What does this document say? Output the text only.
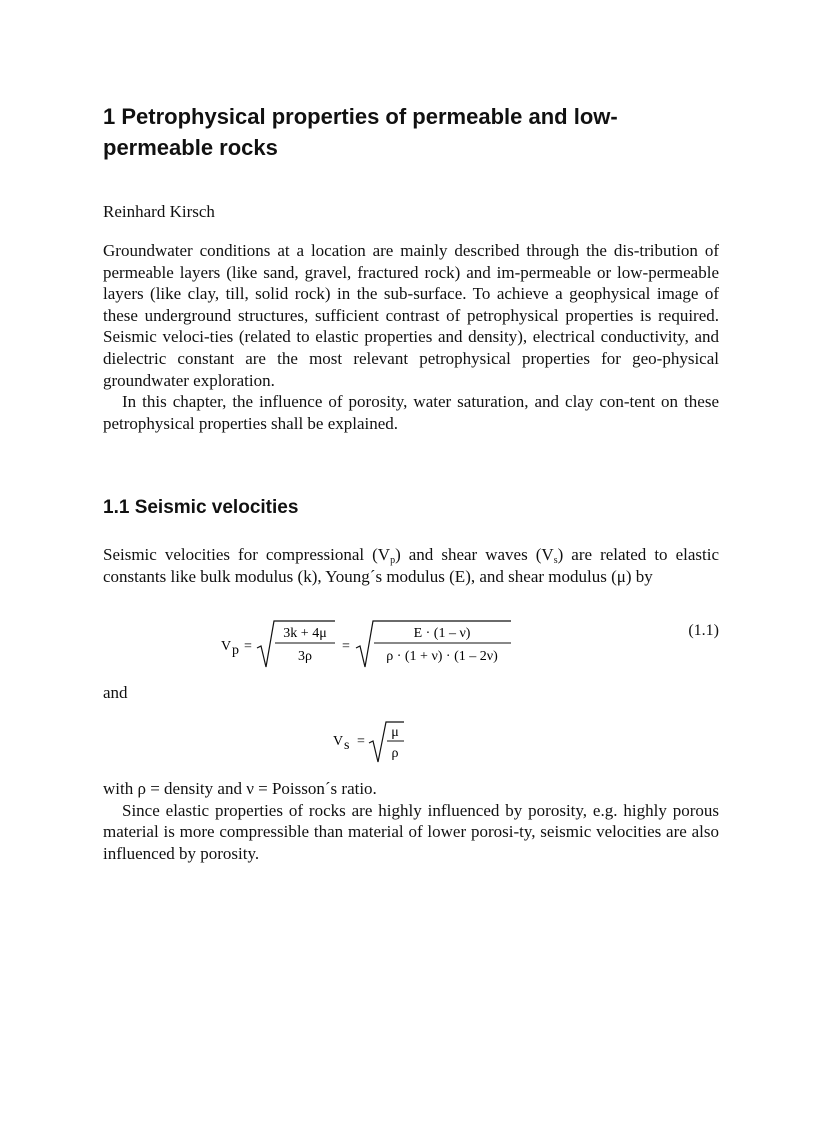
1 Petrophysical properties of permeable and low-permeable rocks
Reinhard Kirsch

Groundwater conditions at a location are mainly described through the dis-tribution of permeable layers (like sand, gravel, fractured rock) and im-permeable or low-permeable layers (like clay, till, solid rock) in the sub-surface. To achieve a geophysical image of these underground structures, sufficient contrast of petrophysical properties is required. Seismic veloci-ties (related to elastic properties and density), electrical conductivity, and dielectric constant are the most relevant petrophysical properties for geo-physical groundwater exploration.

In this chapter, the influence of porosity, water saturation, and clay con-tent on these petrophysical properties shall be explained.

1.1 Seismic velocities

Seismic velocities for compressional $(V_p)$ and shear waves $(V_s)$ are related to elastic constants like bulk modulus (k), Young´s modulus (E), and shear modulus (μ) by

V p =
3k + 4μ
3ρ
=
E · (1 – ν)
ρ · (1 + ν) · (1 – 2ν)
(1.1)
and
V s =
μ
ρ

with ρ = density and ν = Poisson´s ratio.

Since elastic properties of rocks are highly influenced by porosity, e.g. highly porous material is more compressible than material of lower porosi-ty, seismic velocities are also influenced by porosity.
